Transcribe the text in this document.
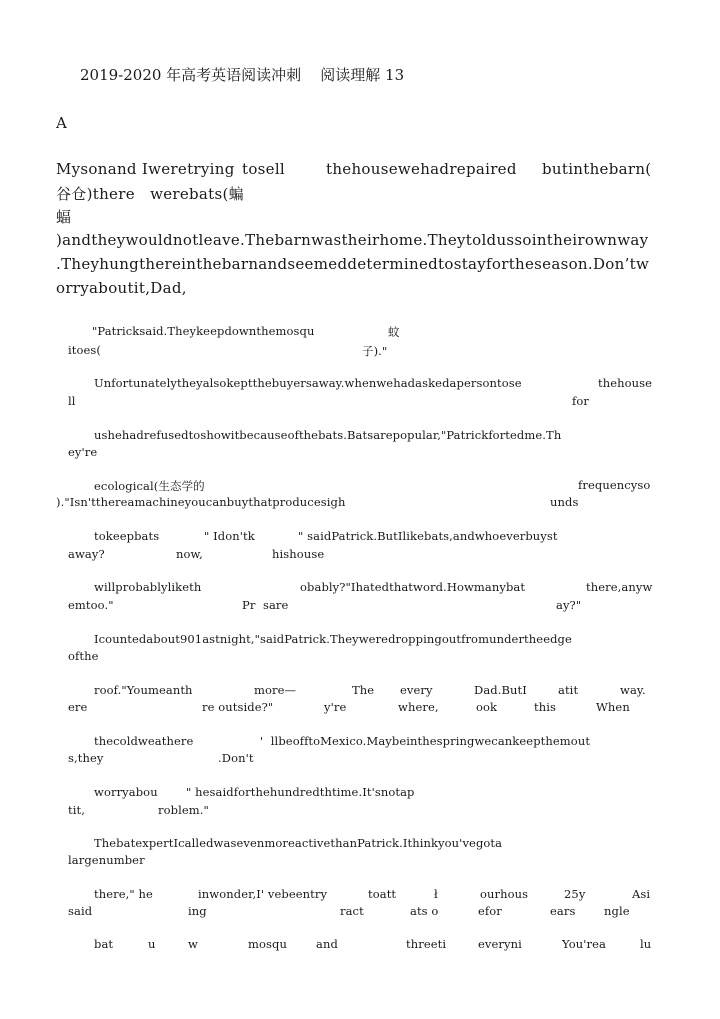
2019-2020 年高考英语阅读冲刺    阅读理解 13
A
Mysonand Iweretrying tosell	thehousewehadrepaired butinthebarn(
谷仓)there   werebats(蝙
蝠
)andtheywouldnotleave.Thebarnwastheirhome.Theytoldussointheirownway
.Theyhungthereinthebarnandseemeddeterminedtostayfortheseason.Don’tw
orryaboutit,Dad,
"Patricksaid.Theykeepdownthemosqu	蚊
itoes(	子)."
Unfortunatelytheyalsokeptthebuyersaway.whenwehadaskedapersontose	thehouse
ll	for
ushehadrefusedtoshowitbecauseofthebats.Batsarepopular,"Patrickfortedme.Th
ey're
ecological(生态学的	frequencyso
)."Isn'tthereamachineyoucanbuythatproducesigh	unds
tokeepbats	" Idon'tk	" saidPatrick.ButIlikebats,andwhoeverbuyst
away?	now,	hishouse
willprobablyliketh	obably?"Ihatedthatword.Howmanybat	there,anyw
emtoo."	Pr  sare	ay?"
Icountedabout901astnight,"saidPatrick.Theyweredroppingoutfromundertheedge
ofthe
roof."Youmeanth	more—	The every	Dad.ButI	atit	way.
ere	re outside?"	y're	where,	ook	this	When
thecoldweathere	'  llbeofftoMexico.Maybeinthespringwecankeepthemout
s,they	.Don't
worryabou " hesaidforthehundredthtime.It'snotap
tit,	roblem."
ThebatexpertIcalledwasevenmoreactivethanPatrick.Ithinkyou'vegota
largenumber
there," he	inwonder,I' vebeentry	toatt	ł	ourhous	25y	Asi
said	ing	ract	ats o	efor	ears ngle
bat	u	w	mosqu	and	threeti	everyni	You'rea	lu
